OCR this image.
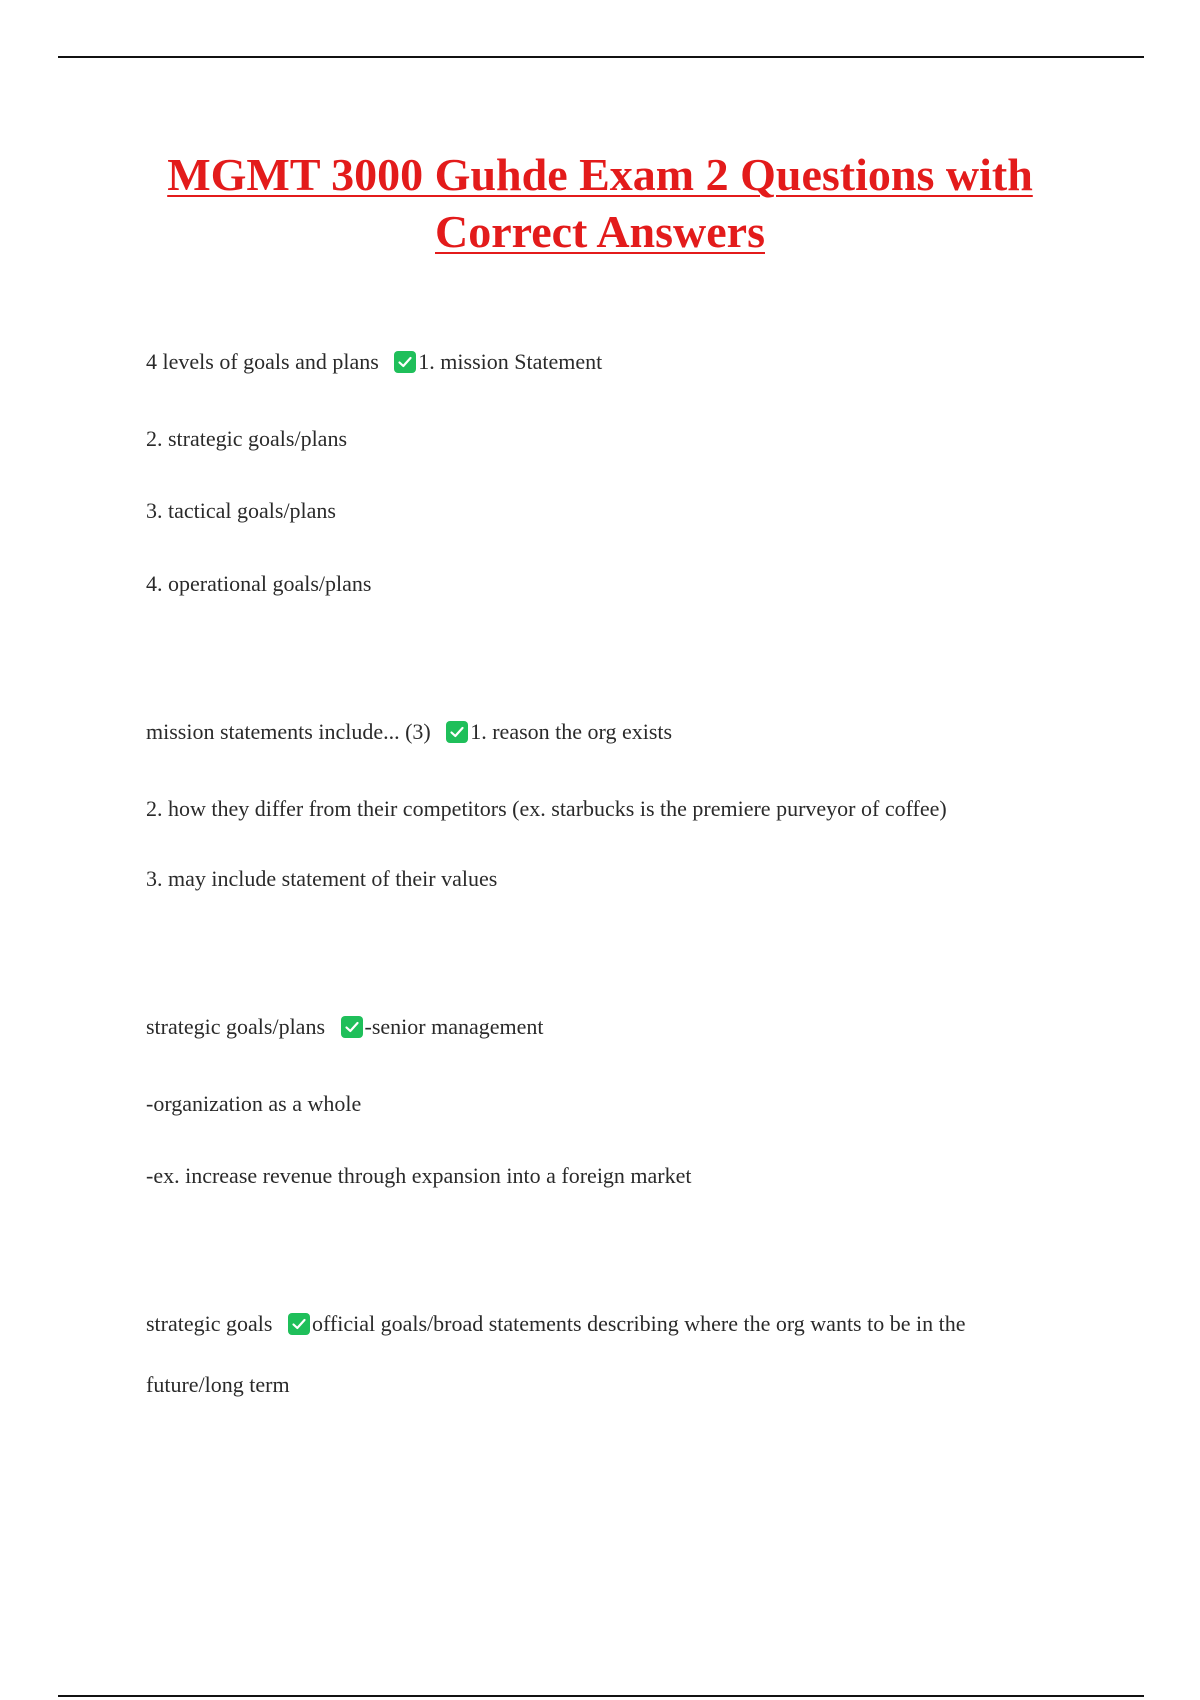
MGMT 3000 Guhde Exam 2 Questions with
Correct Answers
4 levels of goals and plans 1. mission Statement
2. strategic goals/plans
3. tactical goals/plans
4. operational goals/plans
mission statements include... (3) 1. reason the org exists
2. how they differ from their competitors (ex. starbucks is the premiere purveyor of coffee)
3. may include statement of their values
strategic goals/plans -senior management
-organization as a whole
-ex. increase revenue through expansion into a foreign market
strategic goals official goals/broad statements describing where the org wants to be in the
future/long term
